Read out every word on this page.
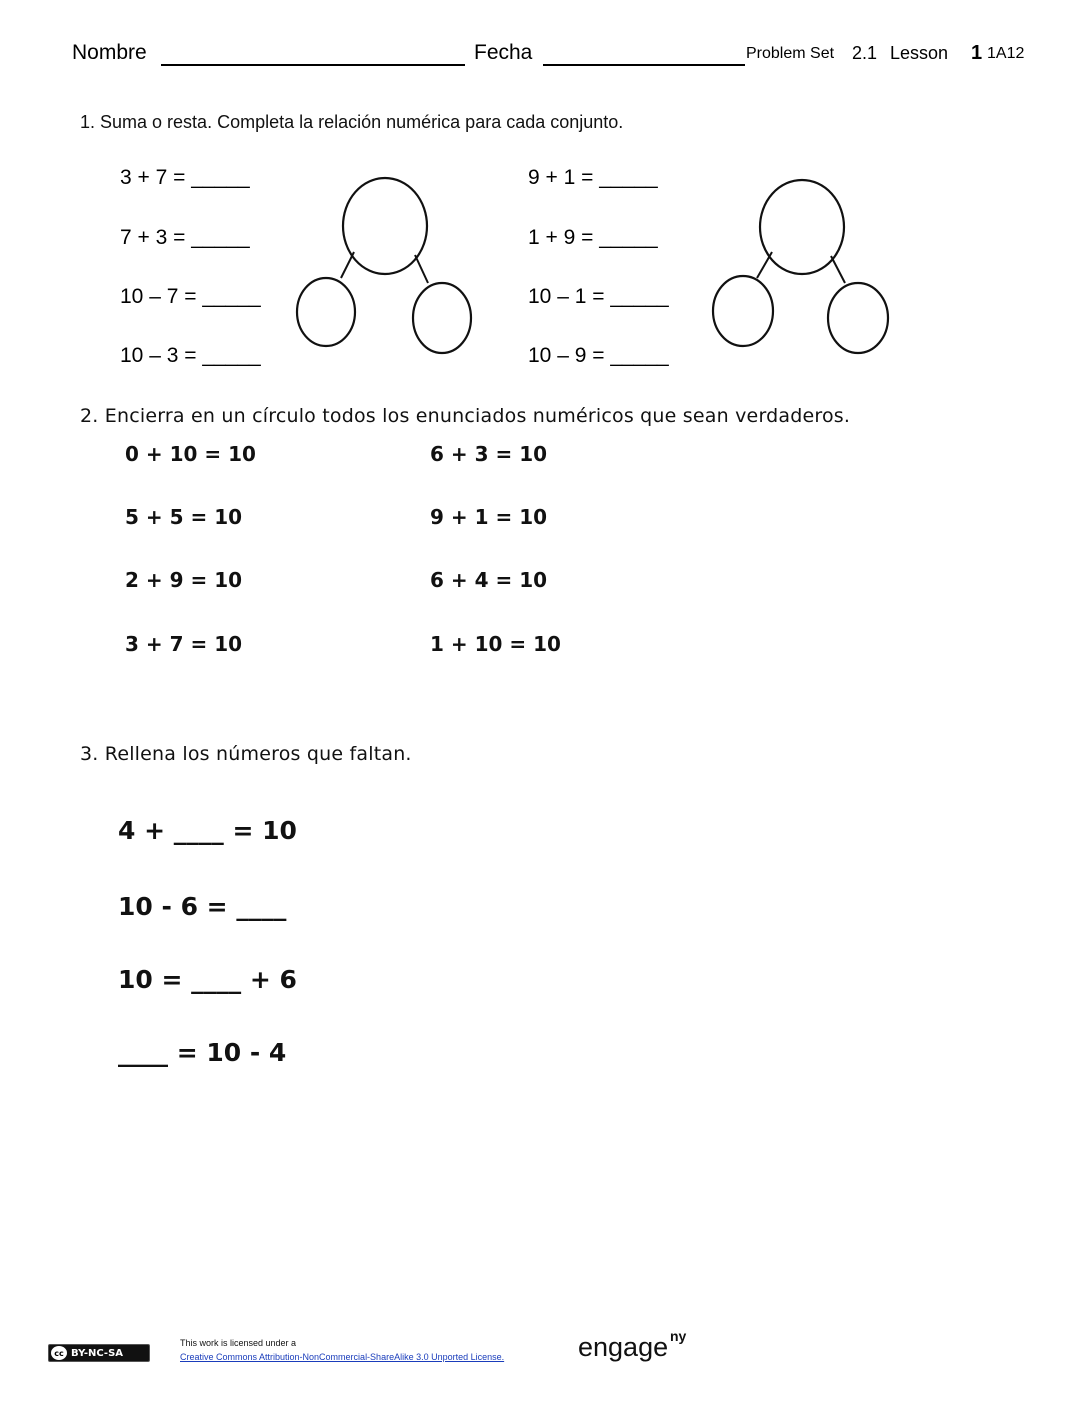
Nombre	Fecha	Problem Set 2.1 Lesson 1 1A12
1. Suma o resta. Completa la relación numérica para cada conjunto.
3 + 7 = _____
7 + 3 = _____
10 – 7 = _____
10 – 3 = _____
9 + 1 = _____
1 + 9 = _____
10 – 1 = _____
10 – 9 = _____
2. Encierra en un círculo todos los enunciados numéricos que sean verdaderos.
0 + 10 = 10
5 + 5 = 10
2 + 9 = 10
3 + 7 = 10
6 + 3 = 10
9 + 1 = 10
6 + 4 = 10
1 + 10 = 10
3. Rellena los números que faltan.
4 + ____ = 10
10 - 6 = ____
10 = ____ + 6
____ = 10 - 4
cc BY-NC-SA
This work is licensed under a
Creative Commons Attribution-NonCommercial-ShareAlike 3.0 Unported License.	engage ny
